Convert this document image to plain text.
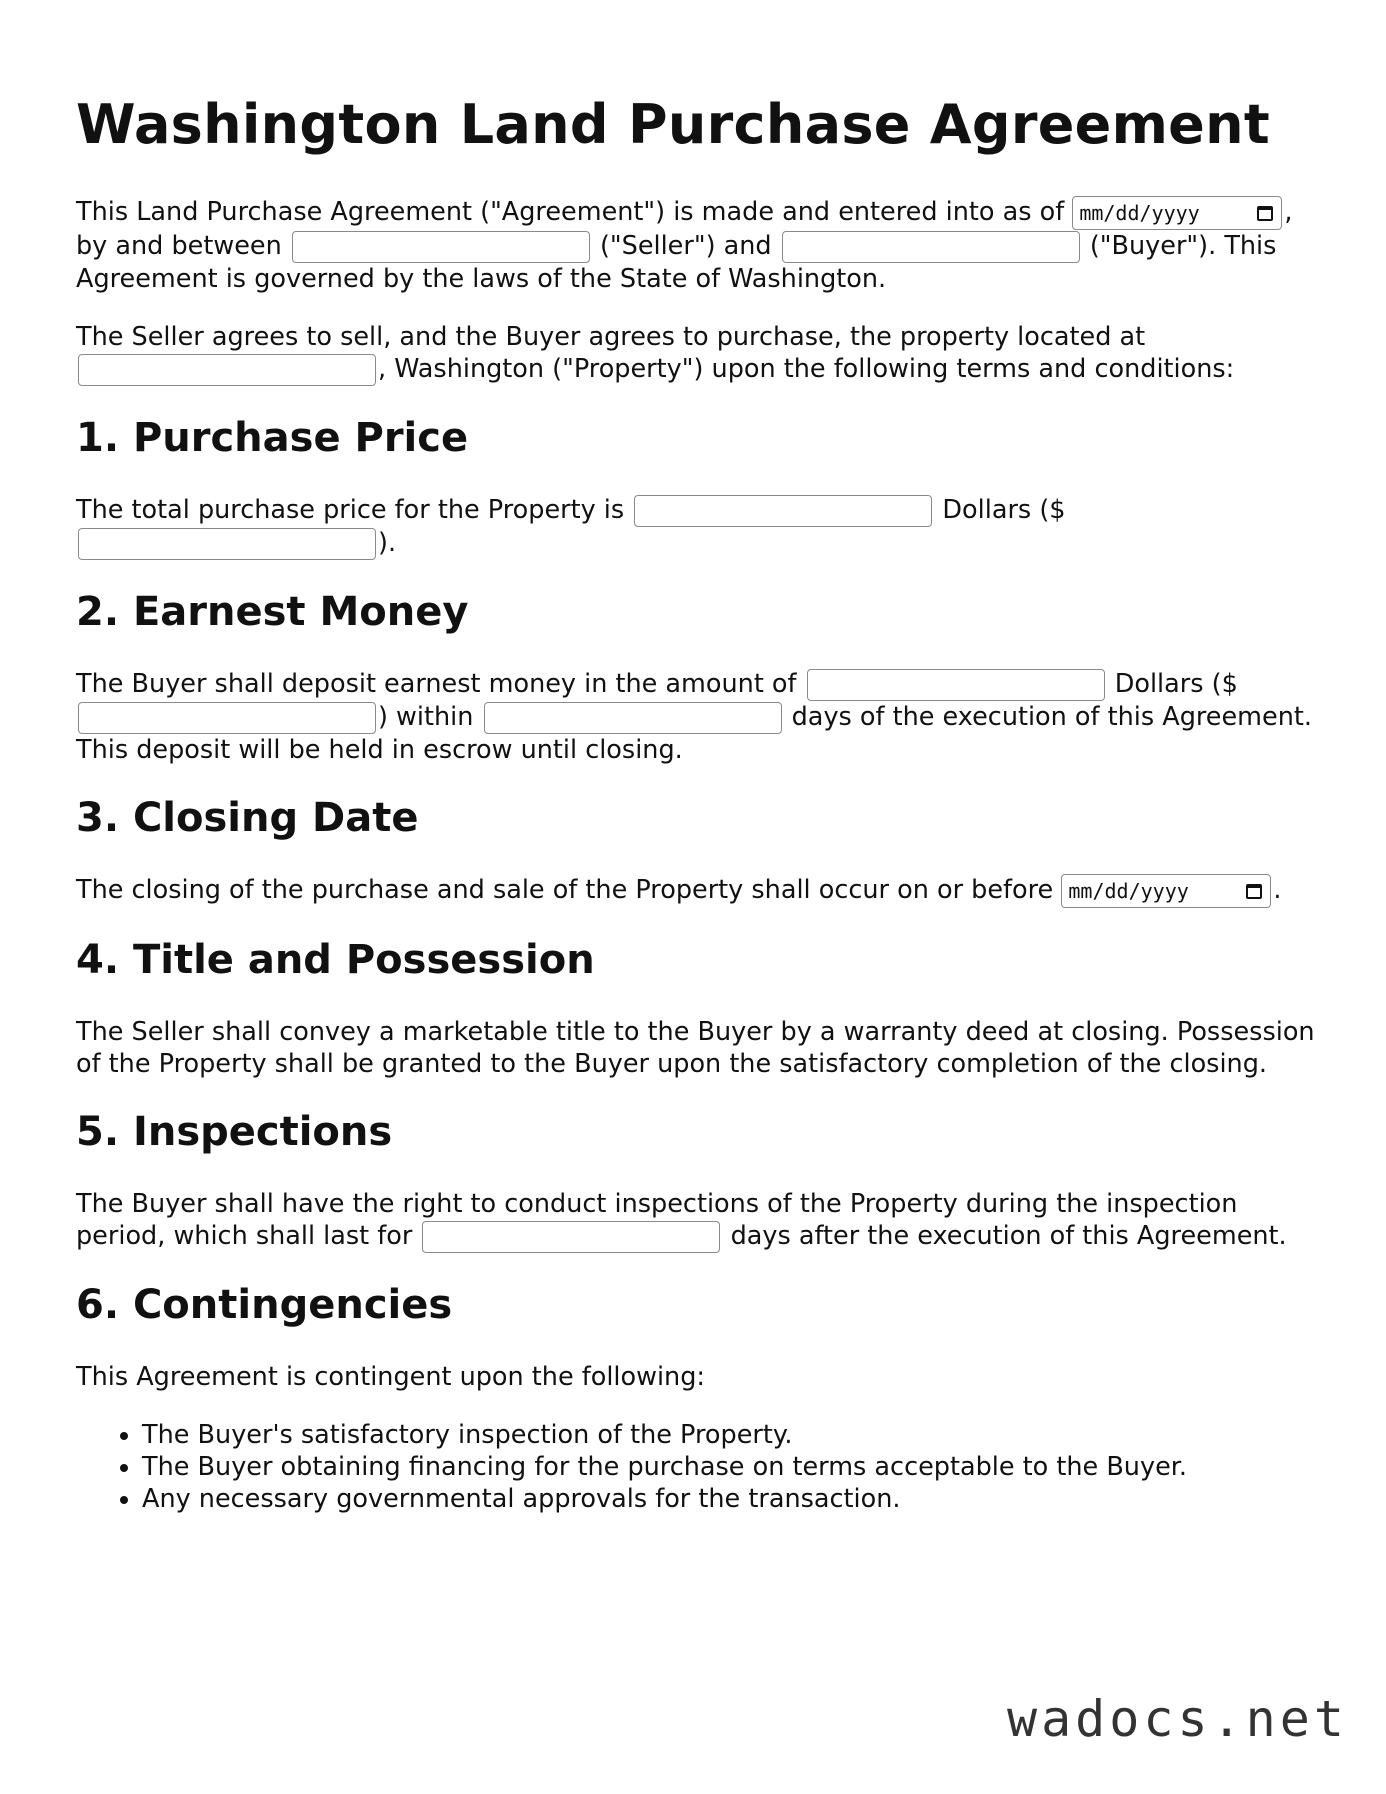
Washington Land Purchase Agreement

This Land Purchase Agreement ("Agreement") is made and entered into as of mm/dd/yyyy	, by and between	("Seller") and	("Buyer"). This Agreement is governed by the laws of the State of Washington.

The Seller agrees to sell, and the Buyer agrees to purchase, the property located at , Washington ("Property") upon the following terms and conditions:

1. Purchase Price

The total purchase price for the Property is	Dollars ($ ).

2. Earnest Money

The Buyer shall deposit earnest money in the amount of	Dollars ($ ) within	days of the execution of this Agreement. This deposit will be held in escrow until closing.

3. Closing Date

The closing of the purchase and sale of the Property shall occur on or before mm/dd/yyyy	.

4. Title and Possession

The Seller shall convey a marketable title to the Buyer by a warranty deed at closing. Possession of the Property shall be granted to the Buyer upon the satisfactory completion of the closing.

5. Inspections

The Buyer shall have the right to conduct inspections of the Property during the inspection period, which shall last for	days after the execution of this Agreement.

6. Contingencies

This Agreement is contingent upon the following:

• The Buyer's satisfactory inspection of the Property.
• The Buyer obtaining financing for the purchase on terms acceptable to the Buyer.
• Any necessary governmental approvals for the transaction.
wadocs.net
